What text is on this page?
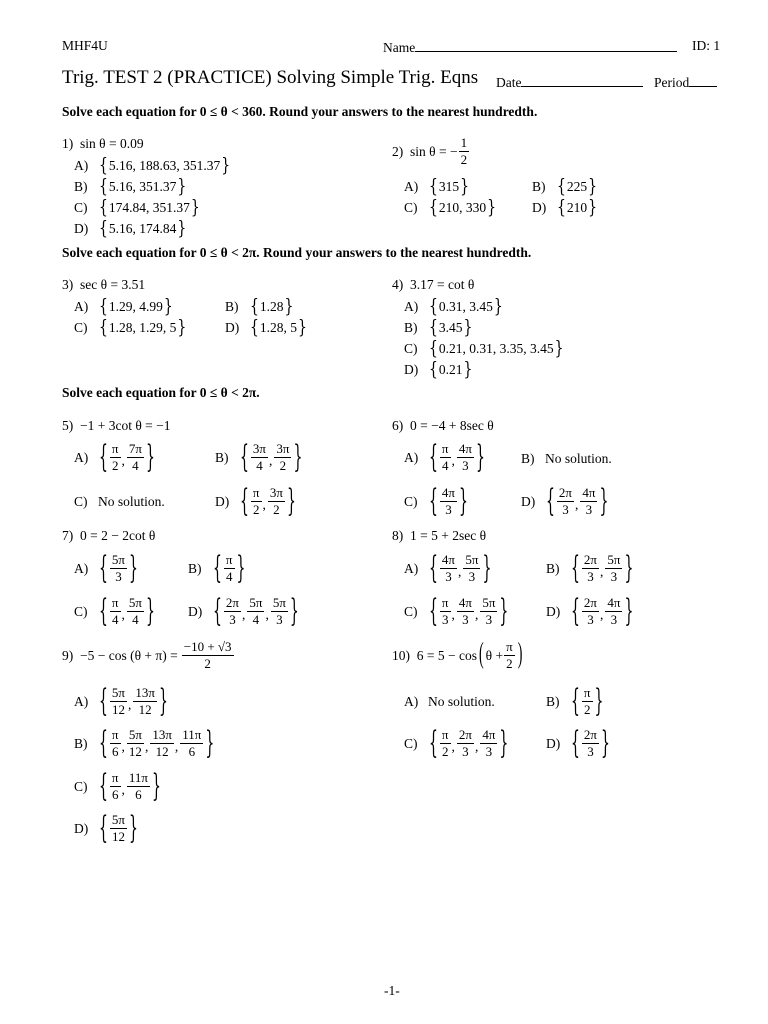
MHF4U	Name	ID: 1
Trig. TEST 2 (PRACTICE) Solving Simple Trig. Eqns Date	Period
Solve each equation for 0 ≤ θ < 360. Round your answers to the nearest hundredth.
1) sin θ = 0.09
A) { 5.16, 188.63, 351.37 }
B) { 5.16, 351.37 }
C) { 174.84, 351.37 }
D) { 5.16, 174.84 }
2)
sin θ = − $\frac{1}{2}$
A) { 315 }	B) { 225 }
C) { 210, 330 }	D) { 210 }
Solve each equation for 0 ≤ θ < 2π. Round your answers to the nearest hundredth.
3) sec θ = 3.51
A) { 1.29, 4.99 }	B) { 1.28 }
C) { 1.28, 1.29, 5 }	D) { 1.28, 5 }
4) 3.17 = cot θ
A) { 0.31, 3.45 }
B) { 3.45 }
C) { 0.21, 0.31, 3.35, 3.45 }
D) { 0.21 }
Solve each equation for 0 ≤ θ < 2π.
5) −1 + 3cot θ = −1
A) { $\frac{\pi}{2}$ , $\frac{7\pi}{4}$ }	B) { $\frac{3\pi}{4}$ , $\frac{3\pi}{2}$ }
C) No solution.	D) { $\frac{\pi}{2}$ , $\frac{3\pi}{2}$ }
6) 0 = −4 + 8sec θ
A) { $\frac{\pi}{4}$ , $\frac{4\pi}{3}$ }	B) No solution.
C) { $\frac{4\pi}{3}$ }	D) { $\frac{2\pi}{3}$ , $\frac{4\pi}{3}$ }
7) 0 = 2 − 2cot θ
A) { $\frac{5\pi}{3}$ }	B) { $\frac{\pi}{4}$ }
C) { $\frac{\pi}{4}$ , $\frac{5\pi}{4}$ } D) { $\frac{2\pi}{3}$ , $\frac{5\pi}{4}$ , $\frac{5\pi}{3}$ }
8) 1 = 5 + 2sec θ
A) { $\frac{4\pi}{3}$ , $\frac{5\pi}{3}$ }	B) { $\frac{2\pi}{3}$ , $\frac{5\pi}{3}$ }
C) { $\frac{\pi}{3}$ , $\frac{4\pi}{3}$ , $\frac{5\pi}{3}$ }	D) { $\frac{2\pi}{3}$ , $\frac{4\pi}{3}$ }
9)
$-5 - \cos (\theta + \pi) = \frac{-10 + √3}{2}$
A) { $\frac{5\pi}{12}$ , $\frac{13\pi}{12}$ }
B) { $\frac{\pi}{6}$ , $\frac{5\pi}{12}$ , $\frac{13\pi}{12}$ , $\frac{11\pi}{6}$ }
C) { $\frac{\pi}{6}$ , $\frac{11\pi}{6}$ }
D) { $\frac{5\pi}{12}$ }
10)
6 = 5 − cos ( $\theta + \frac{\pi}{2}$ )
A) No solution.	B) { $\frac{\pi}{2}$ }
C) { $\frac{\pi}{2}$ , $\frac{2\pi}{3}$ , $\frac{4\pi}{3}$ }	D) { $\frac{2\pi}{3}$ }
-1-
